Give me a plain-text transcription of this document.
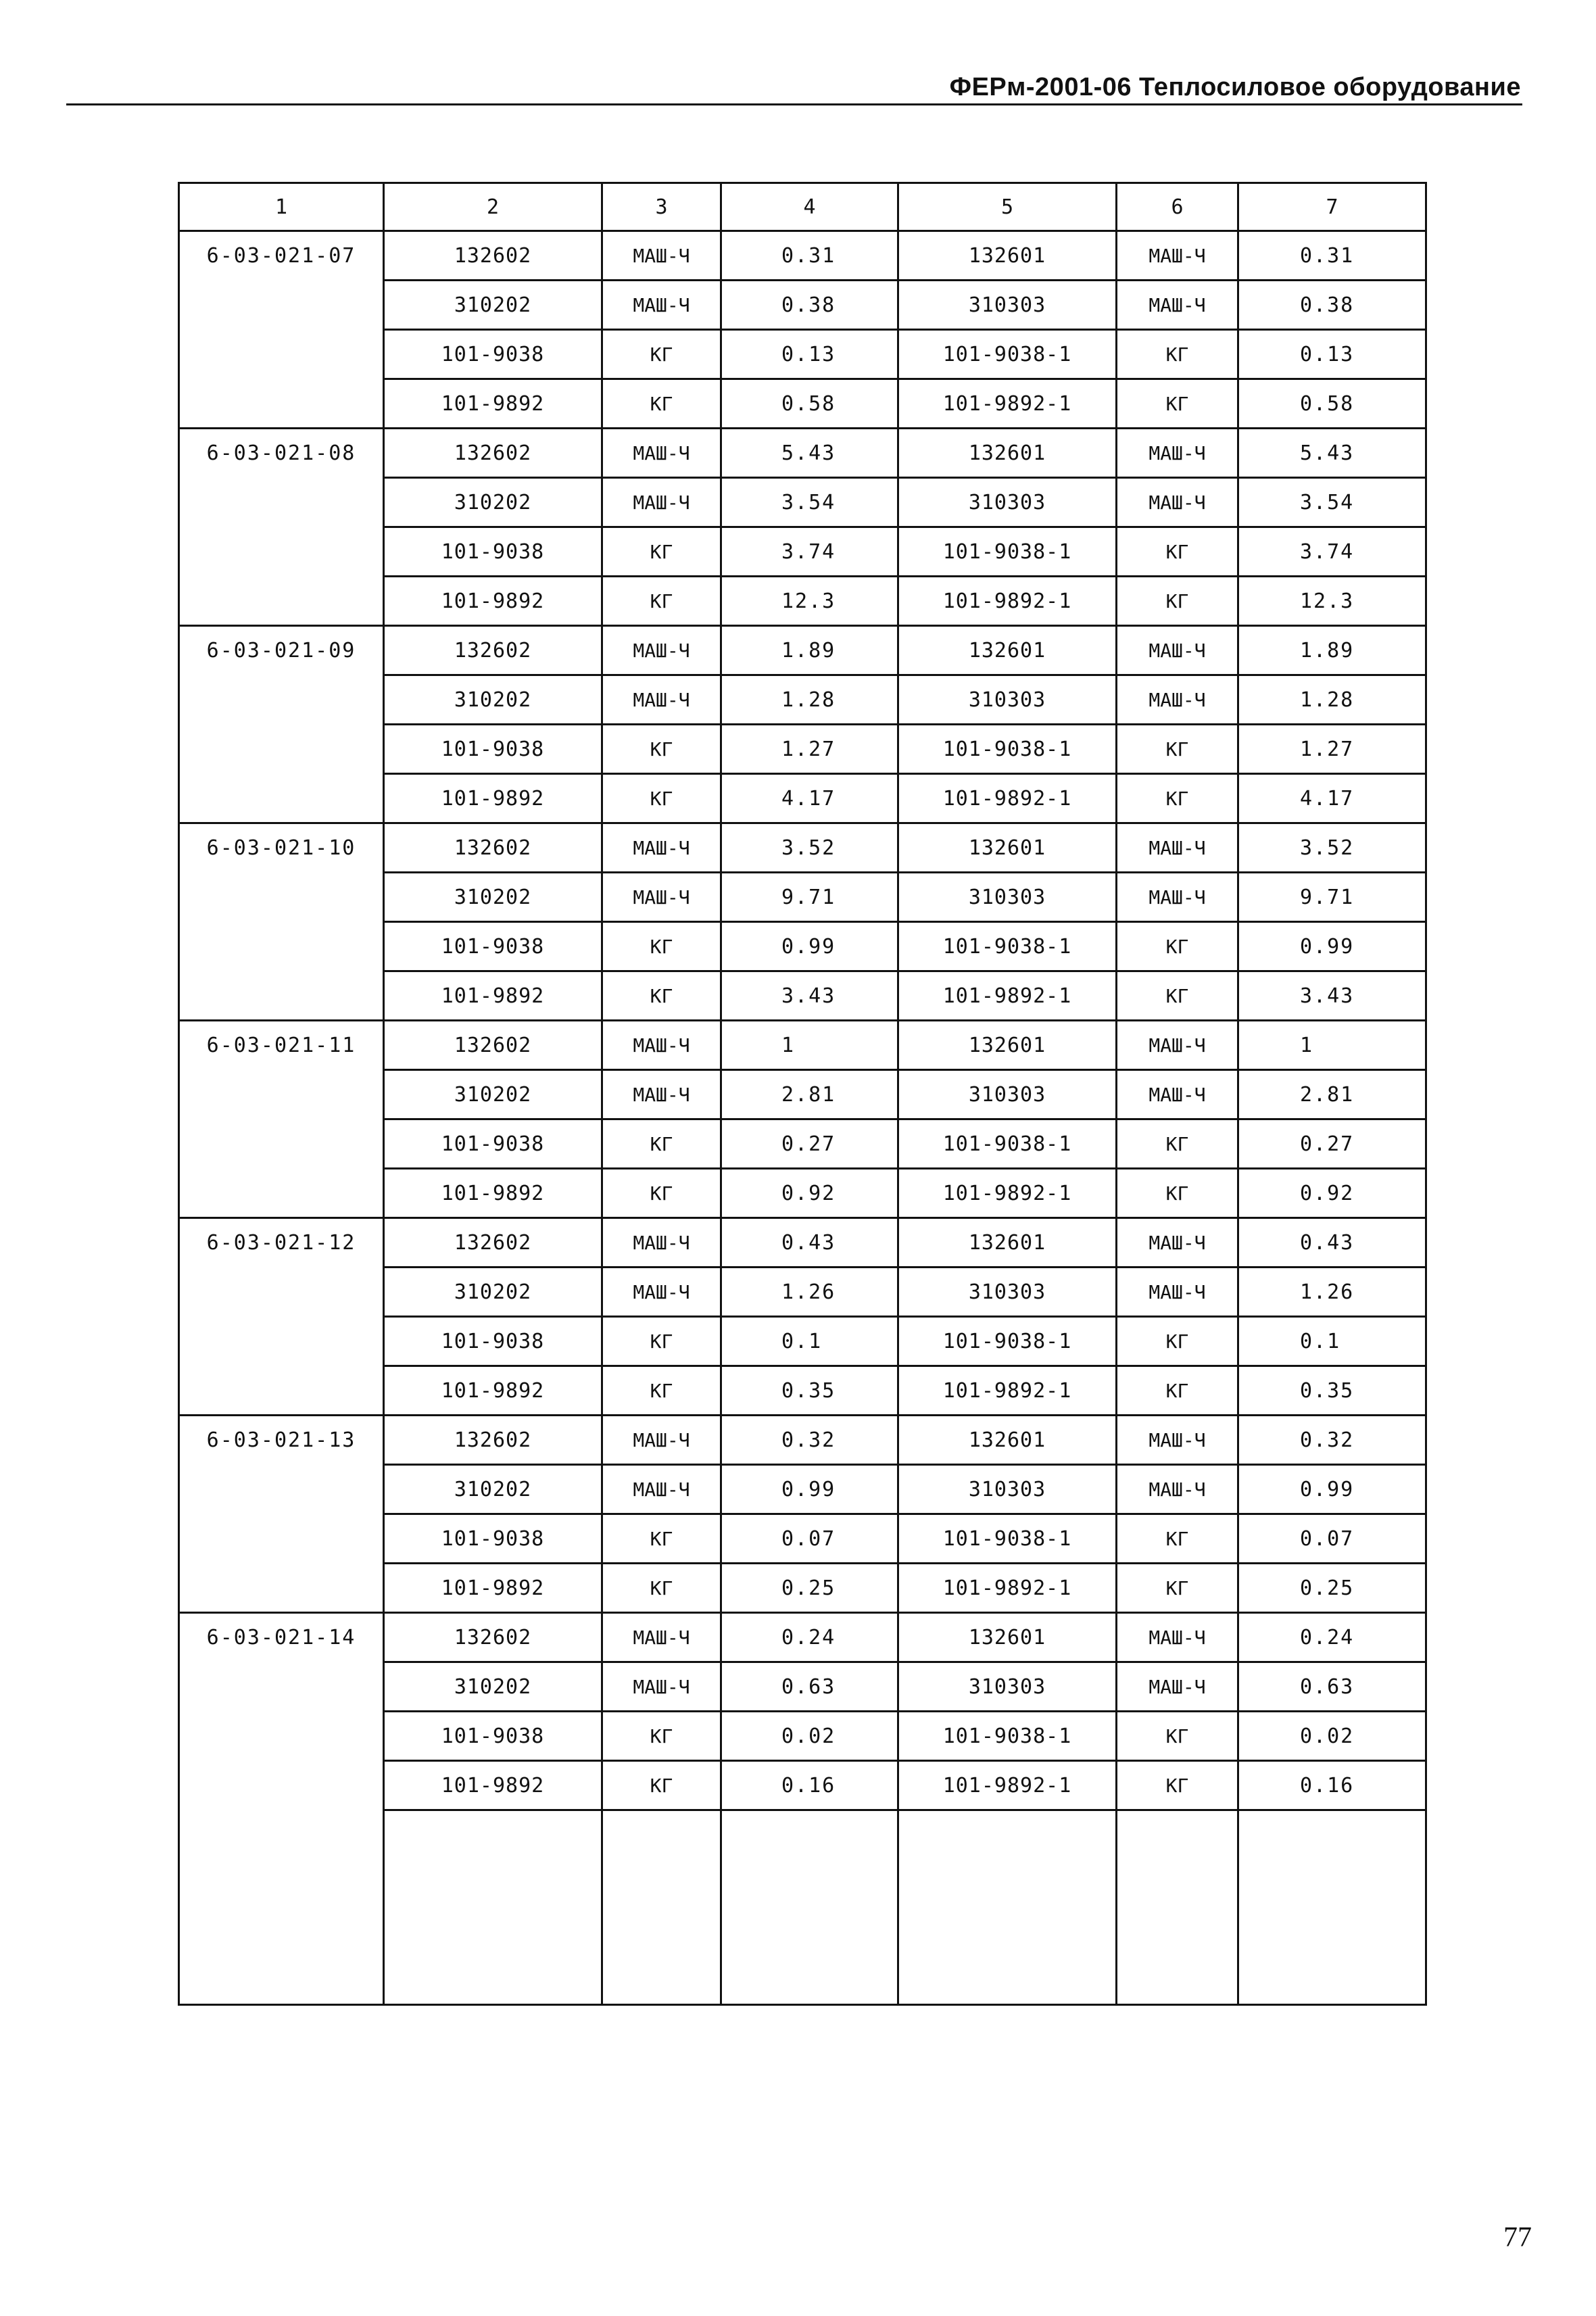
ФЕРм-2001-06 Теплосиловое оборудование
1	2	3	4	5	6	7
6-03-021-07	132602	МАШ-Ч	0.31	132601	МАШ-Ч	0.31
	310202	МАШ-Ч	0.38	310303	МАШ-Ч	0.38
	101-9038	КГ	0.13	101-9038-1	КГ	0.13
	101-9892	КГ	0.58	101-9892-1	КГ	0.58
6-03-021-08	132602	МАШ-Ч	5.43	132601	МАШ-Ч	5.43
	310202	МАШ-Ч	3.54	310303	МАШ-Ч	3.54
	101-9038	КГ	3.74	101-9038-1	КГ	3.74
	101-9892	КГ	12.3	101-9892-1	КГ	12.3
6-03-021-09	132602	МАШ-Ч	1.89	132601	МАШ-Ч	1.89
	310202	МАШ-Ч	1.28	310303	МАШ-Ч	1.28
	101-9038	КГ	1.27	101-9038-1	КГ	1.27
	101-9892	КГ	4.17	101-9892-1	КГ	4.17
6-03-021-10	132602	МАШ-Ч	3.52	132601	МАШ-Ч	3.52
	310202	МАШ-Ч	9.71	310303	МАШ-Ч	9.71
	101-9038	КГ	0.99	101-9038-1	КГ	0.99
	101-9892	КГ	3.43	101-9892-1	КГ	3.43
6-03-021-11	132602	МАШ-Ч	1	132601	МАШ-Ч	1
	310202	МАШ-Ч	2.81	310303	МАШ-Ч	2.81
	101-9038	КГ	0.27	101-9038-1	КГ	0.27
	101-9892	КГ	0.92	101-9892-1	КГ	0.92
6-03-021-12	132602	МАШ-Ч	0.43	132601	МАШ-Ч	0.43
	310202	МАШ-Ч	1.26	310303	МАШ-Ч	1.26
	101-9038	КГ	0.1	101-9038-1	КГ	0.1
	101-9892	КГ	0.35	101-9892-1	КГ	0.35
6-03-021-13	132602	МАШ-Ч	0.32	132601	МАШ-Ч	0.32
	310202	МАШ-Ч	0.99	310303	МАШ-Ч	0.99
	101-9038	КГ	0.07	101-9038-1	КГ	0.07
	101-9892	КГ	0.25	101-9892-1	КГ	0.25
6-03-021-14	132602	МАШ-Ч	0.24	132601	МАШ-Ч	0.24
	310202	МАШ-Ч	0.63	310303	МАШ-Ч	0.63
	101-9038	КГ	0.02	101-9038-1	КГ	0.02
	101-9892	КГ	0.16	101-9892-1	КГ	0.16

77
